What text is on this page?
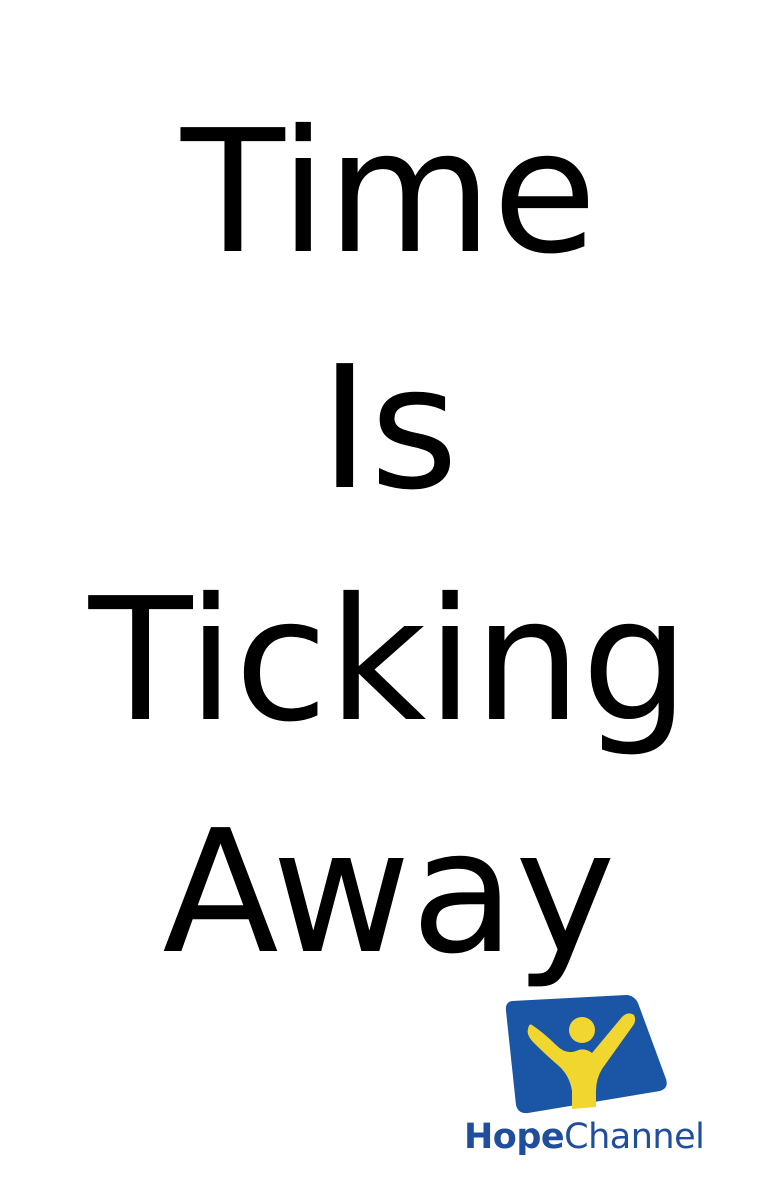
Time
Is
Ticking
Away
HopeChannel
